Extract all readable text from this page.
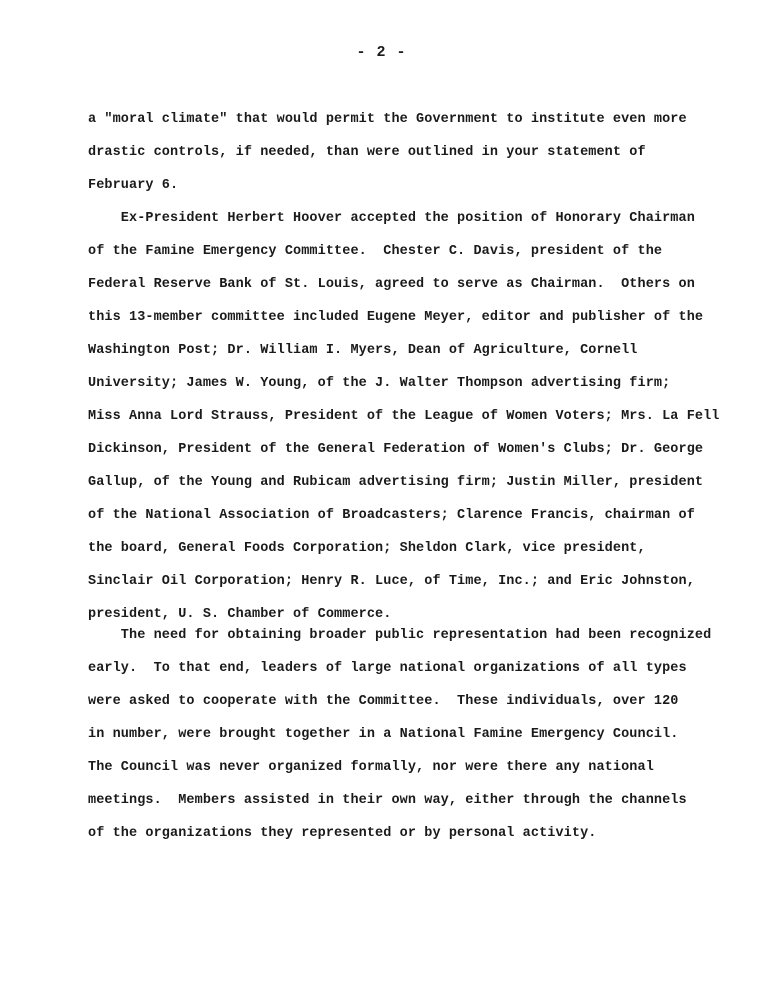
- 2 -
a "moral climate" that would permit the Government to institute even more
drastic controls, if needed, than were outlined in your statement of
February 6.
Ex-President Herbert Hoover accepted the position of Honorary Chairman
of the Famine Emergency Committee.  Chester C. Davis, president of the
Federal Reserve Bank of St. Louis, agreed to serve as Chairman.  Others on
this 13-member committee included Eugene Meyer, editor and publisher of the
Washington Post; Dr. William I. Myers, Dean of Agriculture, Cornell
University; James W. Young, of the J. Walter Thompson advertising firm;
Miss Anna Lord Strauss, President of the League of Women Voters; Mrs. La Fell
Dickinson, President of the General Federation of Women's Clubs; Dr. George
Gallup, of the Young and Rubicam advertising firm; Justin Miller, president
of the National Association of Broadcasters; Clarence Francis, chairman of
the board, General Foods Corporation; Sheldon Clark, vice president,
Sinclair Oil Corporation; Henry R. Luce, of Time, Inc.; and Eric Johnston,
president, U. S. Chamber of Commerce.
The need for obtaining broader public representation had been recognized
early.  To that end, leaders of large national organizations of all types
were asked to cooperate with the Committee.  These individuals, over 120
in number, were brought together in a National Famine Emergency Council.
The Council was never organized formally, nor were there any national
meetings.  Members assisted in their own way, either through the channels
of the organizations they represented or by personal activity.
